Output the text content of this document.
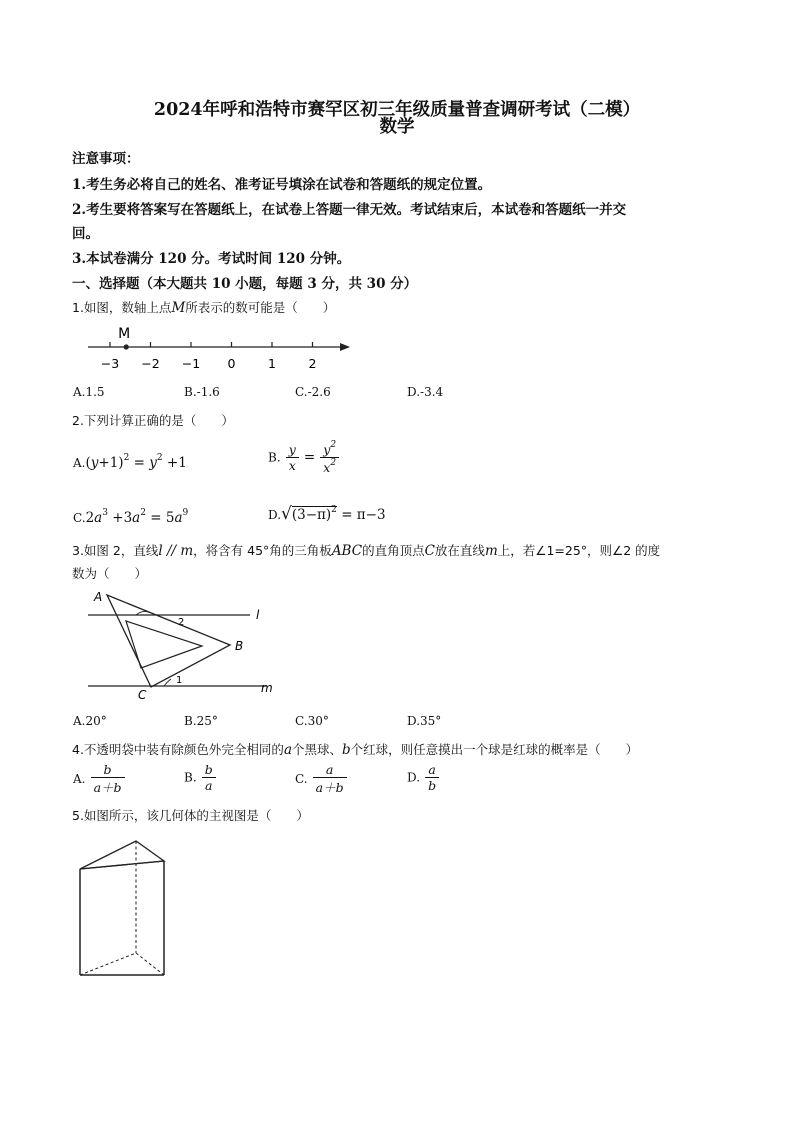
2024年呼和浩特市赛罕区初三年级质量普查调研考试（二模）
数学
注意事项：
1.考生务必将自己的姓名、准考证号填涂在试卷和答题纸的规定位置。
2.考生要将答案写在答题纸上，在试卷上答题一律无效。考试结束后，本试卷和答题纸一并交
回。
3.本试卷满分 120 分。考试时间 120 分钟。
一、选择题（本大题共 10 小题，每题 3 分，共 30 分）
1.如图，数轴上点M所表示的数可能是（　　）
−3 −2 −1 0	1	2
M
A.1.5	B.-1.6	C.-2.6	D.-3.4
2.下列计算正确的是（　　）
$A.(y+1)^2 = y^2 +1$	B. $\frac{y}{x} = \frac{y^2}{x^2}$
$C.2a^3 +3a^2 = 5a^9$	$D.√(3-\pi)^2 = \pi-3$
3.如图 2，直线l // m，将含有 45°角的三角板ABC的直角顶点C放在直线m上，若∠1=25°，则∠2 的度
数为（　　）
A
B
C
l
m
1
2
A.20°	B.25°	C.30°	D.35°
4.不透明袋中装有除颜色外完全相同的a个黑球、b个红球，则任意摸出一个球是红球的概率是（　　）
A. $\frac{b}{a+b}$	B. $\frac{b}{a}$	C. $\frac{a}{a+b}$	D. $\frac{a}{b}$
5.如图所示，该几何体的主视图是（　　）
